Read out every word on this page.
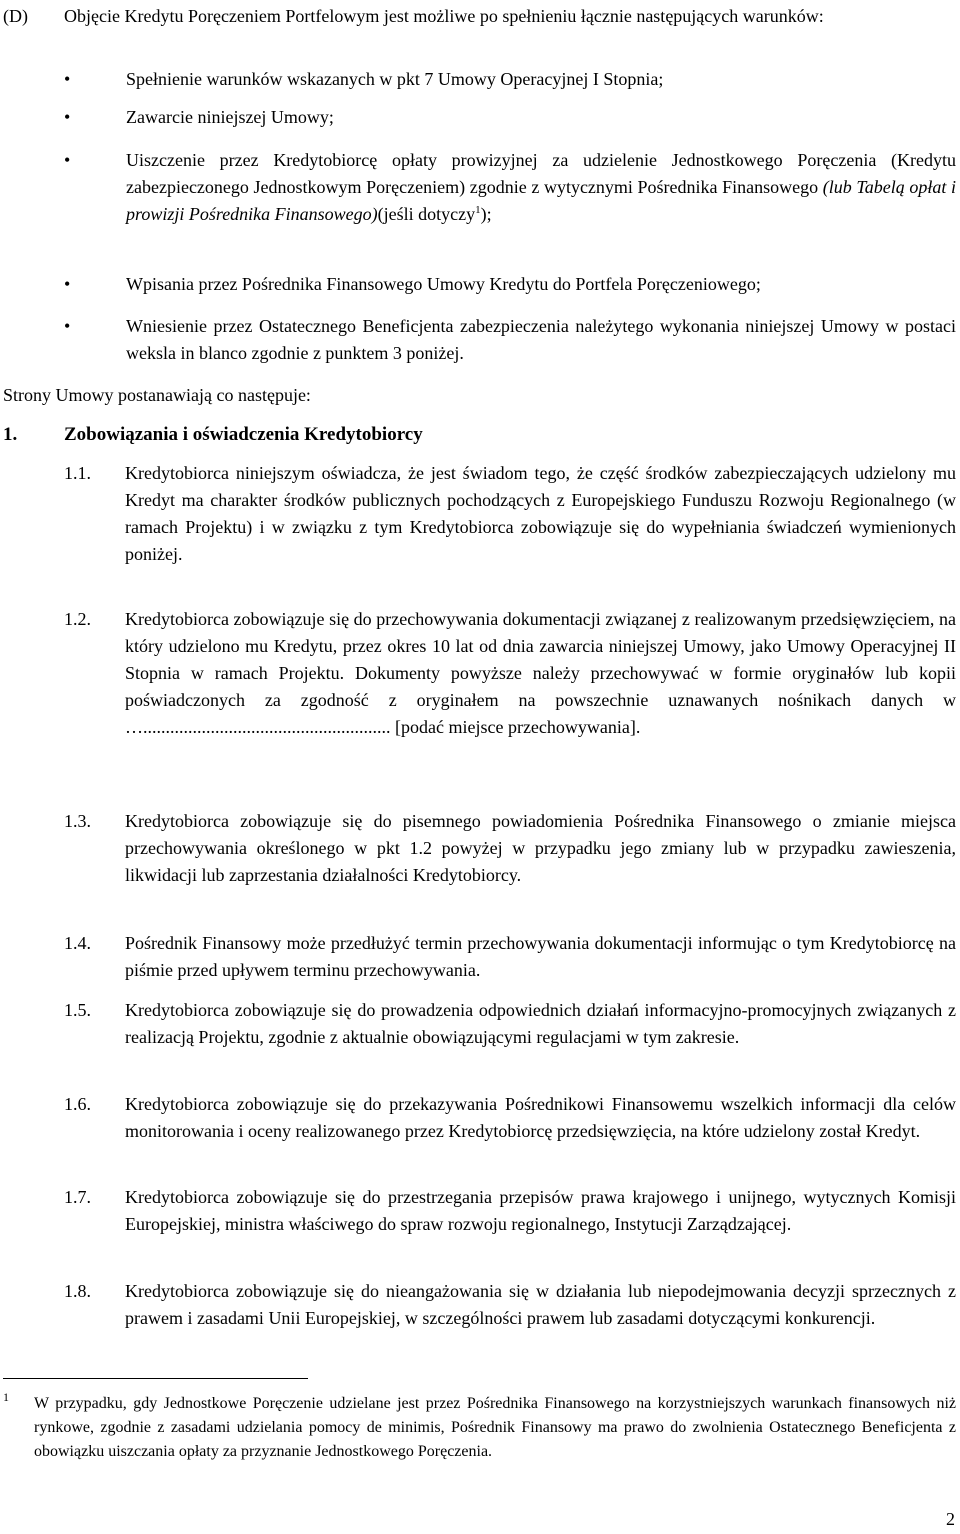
(D) Objęcie Kredytu Poręczeniem Portfelowym jest możliwe po spełnieniu łącznie następujących warunków:
Spełnienie warunków wskazanych w pkt 7 Umowy Operacyjnej I Stopnia;
Zawarcie niniejszej Umowy;
Uiszczenie przez Kredytobiorcę opłaty prowizyjnej za udzielenie Jednostkowego Poręczenia (Kredytu zabezpieczonego Jednostkowym Poręczeniem) zgodnie z wytycznymi Pośrednika Finansowego (lub Tabelą opłat i prowizji Pośrednika Finansowego)(jeśli dotyczy$^1$);
Wpisania przez Pośrednika Finansowego Umowy Kredytu do Portfela Poręczeniowego;
Wniesienie przez Ostatecznego Beneficjenta zabezpieczenia należytego wykonania niniejszej Umowy w postaci weksla in blanco zgodnie z punktem 3 poniżej.
Strony Umowy postanawiają co następuje:
1. Zobowiązania i oświadczenia Kredytobiorcy
1.1.	Kredytobiorca niniejszym oświadcza, że jest świadom tego, że część środków zabezpieczających udzielony mu Kredyt ma charakter środków publicznych pochodzących z Europejskiego Funduszu Rozwoju Regionalnego (w ramach Projektu) i w związku z tym Kredytobiorca zobowiązuje się do wypełniania świadczeń wymienionych poniżej.
1.2.	Kredytobiorca zobowiązuje się do przechowywania dokumentacji związanej z realizowanym przedsięwzięciem, na który udzielono mu Kredytu, przez okres 10 lat od dnia zawarcia niniejszej Umowy, jako Umowy Operacyjnej II Stopnia w ramach Projektu. Dokumenty powyższe należy przechowywać w formie oryginałów lub kopii poświadczonych za zgodność z oryginałem na powszechnie uznawanych nośnikach danych w …....................................................... [podać miejsce przechowywania].
1.3.	Kredytobiorca zobowiązuje się do pisemnego powiadomienia Pośrednika Finansowego o zmianie miejsca przechowywania określonego w pkt 1.2 powyżej w przypadku jego zmiany lub w przypadku zawieszenia, likwidacji lub zaprzestania działalności Kredytobiorcy.
1.4.	Pośrednik Finansowy może przedłużyć termin przechowywania dokumentacji informując o tym Kredytobiorcę na piśmie przed upływem terminu przechowywania.
1.5.	Kredytobiorca zobowiązuje się do prowadzenia odpowiednich działań informacyjno-promocyjnych związanych z realizacją Projektu, zgodnie z aktualnie obowiązującymi regulacjami w tym zakresie.
1.6.	Kredytobiorca zobowiązuje się do przekazywania Pośrednikowi Finansowemu wszelkich informacji dla celów monitorowania i oceny realizowanego przez Kredytobiorcę przedsięwzięcia, na które udzielony został Kredyt.
1.7.	Kredytobiorca zobowiązuje się do przestrzegania przepisów prawa krajowego i unijnego, wytycznych Komisji Europejskiej, ministra właściwego do spraw rozwoju regionalnego, Instytucji Zarządzającej.
1.8.	Kredytobiorca zobowiązuje się do nieangażowania się w działania lub niepodejmowania decyzji sprzecznych z prawem i zasadami Unii Europejskiej, w szczególności prawem lub zasadami dotyczącymi konkurencji.
1 W przypadku, gdy Jednostkowe Poręczenie udzielane jest przez Pośrednika Finansowego na korzystniejszych warunkach finansowych niż rynkowe, zgodnie z zasadami udzielania pomocy de minimis, Pośrednik Finansowy ma prawo do zwolnienia Ostatecznego Beneficjenta z obowiązku uiszczania opłaty za przyznanie Jednostkowego Poręczenia.
2
